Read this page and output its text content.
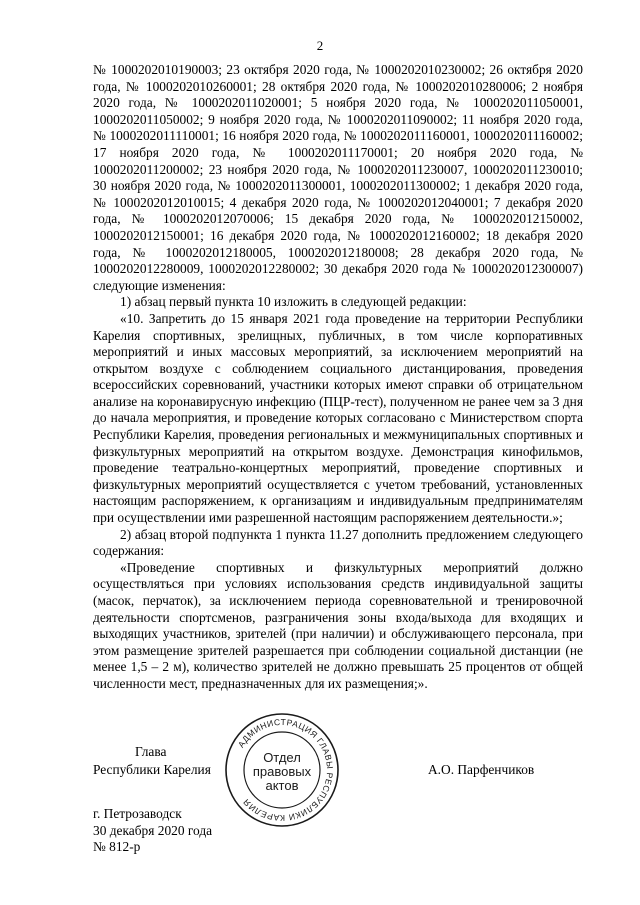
2

№ 1000202010190003; 23 октября 2020 года, № 1000202010230002; 26 октября 2020 года, № 1000202010260001; 28 октября 2020 года, № 1000202010280006; 2 ноября 2020 года, № 1000202011020001; 5 ноября 2020 года, № 1000202011050001, 1000202011050002; 9 ноября 2020 года, № 1000202011090002; 11 ноября 2020 года, № 1000202011110001; 16 ноября 2020 года, № 1000202011160001, 1000202011160002; 17 ноября 2020 года, № 1000202011170001; 20 ноября 2020 года, № 1000202011200002; 23 ноября 2020 года, № 1000202011230007, 1000202011230010; 30 ноября 2020 года, № 1000202011300001, 1000202011300002; 1 декабря 2020 года, № 1000202012010015; 4 декабря 2020 года, № 1000202012040001; 7 декабря 2020 года, № 1000202012070006; 15 декабря 2020 года, № 1000202012150002, 1000202012150001; 16 декабря 2020 года, № 1000202012160002; 18 декабря 2020 года, № 1000202012180005, 1000202012180008; 28 декабря 2020 года, № 1000202012280009, 1000202012280002; 30 декабря 2020 года № 1000202012300007) следующие изменения:

1) абзац первый пункта 10 изложить в следующей редакции:

«10. Запретить до 15 января 2021 года проведение на территории Республики Карелия спортивных, зрелищных, публичных, в том числе корпоративных мероприятий и иных массовых мероприятий, за исключением мероприятий на открытом воздухе с соблюдением социального дистанцирования, проведения всероссийских соревнований, участники которых имеют справки об отрицательном анализе на коронавирусную инфекцию (ПЦР-тест), полученном не ранее чем за 3 дня до начала мероприятия, и проведение которых согласовано с Министерством спорта Республики Карелия, проведения региональных и межмуниципальных спортивных и физкультурных мероприятий на открытом воздухе. Демонстрация кинофильмов, проведение театрально-концертных мероприятий, проведение спортивных и физкультурных мероприятий осуществляется с учетом требований, установленных настоящим распоряжением, к организациям и индивидуальным предпринимателям при осуществлении ими разрешенной настоящим распоряжением деятельности.»;

2) абзац второй подпункта 1 пункта 11.27 дополнить предложением следующего содержания:

«Проведение спортивных и физкультурных мероприятий должно осуществляться при условиях использования средств индивидуальной защиты (масок, перчаток), за исключением периода соревновательной и тренировочной деятельности спортсменов, разграничения зоны входа/выхода для входящих и выходящих участников, зрителей (при наличии) и обслуживающего персонала, при этом размещение зрителей разрешается при соблюдении социальной дистанции (не менее 1,5 – 2 м), количество зрителей не должно превышать 25 процентов от общей численности мест, предназначенных для их размещения;».

Глава
Республики Карелия	А.О. Парфенчиков
АДМИНИСТРАЦИЯ ГЛАВЫ РЕСПУБЛИКИ КАРЕЛИЯ
Отдел
правовых
актов
г. Петрозаводск
30 декабря 2020 года
№ 812-р
